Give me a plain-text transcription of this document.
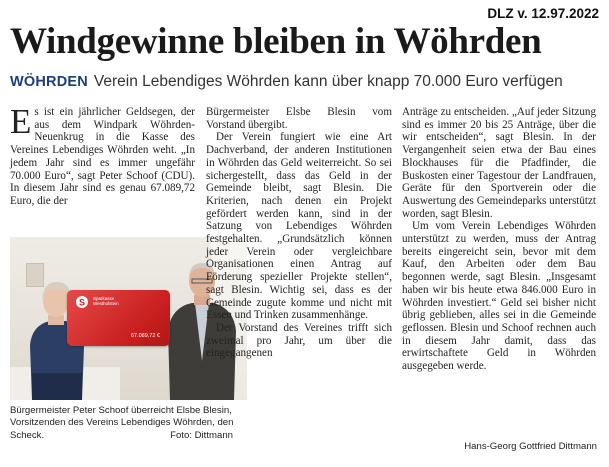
DLZ v. 12.97.2022
Windgewinne bleiben in Wöhrden
WÖHRDEN Verein Lebendiges Wöhrden kann über knapp 70.000 Euro verfügen

Es ist ein jährlicher Geldsegen, der aus dem Windpark Wöhrden-Neuenkrug in die Kasse des Vereines Lebendiges Wöhrden weht. „In jedem Jahr sind es immer ungefähr 70.000 Euro“, sagt Peter Schoof (CDU). In diesem Jahr sind es genau 67.089,72 Euro, die der

S Sparkasse Westholstein
67.089,72 €
Bürgermeister Peter Schoof überreicht Elsbe Blesin, Vorsitzenden des Vereins Lebendiges Wöhrden, den Scheck.	Foto: Dittmann

Bürgermeister Elsbe Blesin vom Vorstand übergibt.

Der Verein fungiert wie eine Art Dachverband, der anderen Institutionen in Wöhrden das Geld weiterreicht. So sei sichergestellt, dass das Geld in der Gemeinde bleibt, sagt Blesin. Die Kriterien, nach denen ein Projekt gefördert werden kann, sind in der Satzung von Lebendiges Wöhrden festgehalten. „Grundsätzlich können jeder Verein oder vergleichbare Organisationen einen Antrag auf Förderung spezieller Projekte stellen“, sagt Blesin. Wichtig sei, dass es der Gemeinde zugute komme und nicht mit Essen und Trinken zusammenhänge.

Der Vorstand des Vereines trifft sich zweimal pro Jahr, um über die eingegangenen

Anträge zu entscheiden. „Auf jeder Sitzung sind es immer 20 bis 25 Anträge, über die wir entscheiden“, sagt Blesin. In der Vergangenheit seien etwa der Bau eines Blockhauses für die Pfadfinder, die Buskosten einer Tagestour der Landfrauen, Geräte für den Sportverein oder die Auswertung des Gemeindeparks unterstützt worden, sagt Blesin.

Um vom Verein Lebendiges Wöhrden unterstützt zu werden, muss der Antrag bereits eingereicht sein, bevor mit dem Kauf, den Arbeiten oder dem Bau begonnen werde, sagt Blesin. „Insgesamt haben wir bis heute etwa 846.000 Euro in Wöhrden investiert.“ Geld sei bisher nicht übrig geblieben, alles sei in die Gemeinde geflossen. Blesin und Schoof rechnen auch in diesem Jahr damit, dass das erwirtschaftete Geld in Wöhrden ausgegeben werde.

Hans-Georg Gottfried Dittmann
